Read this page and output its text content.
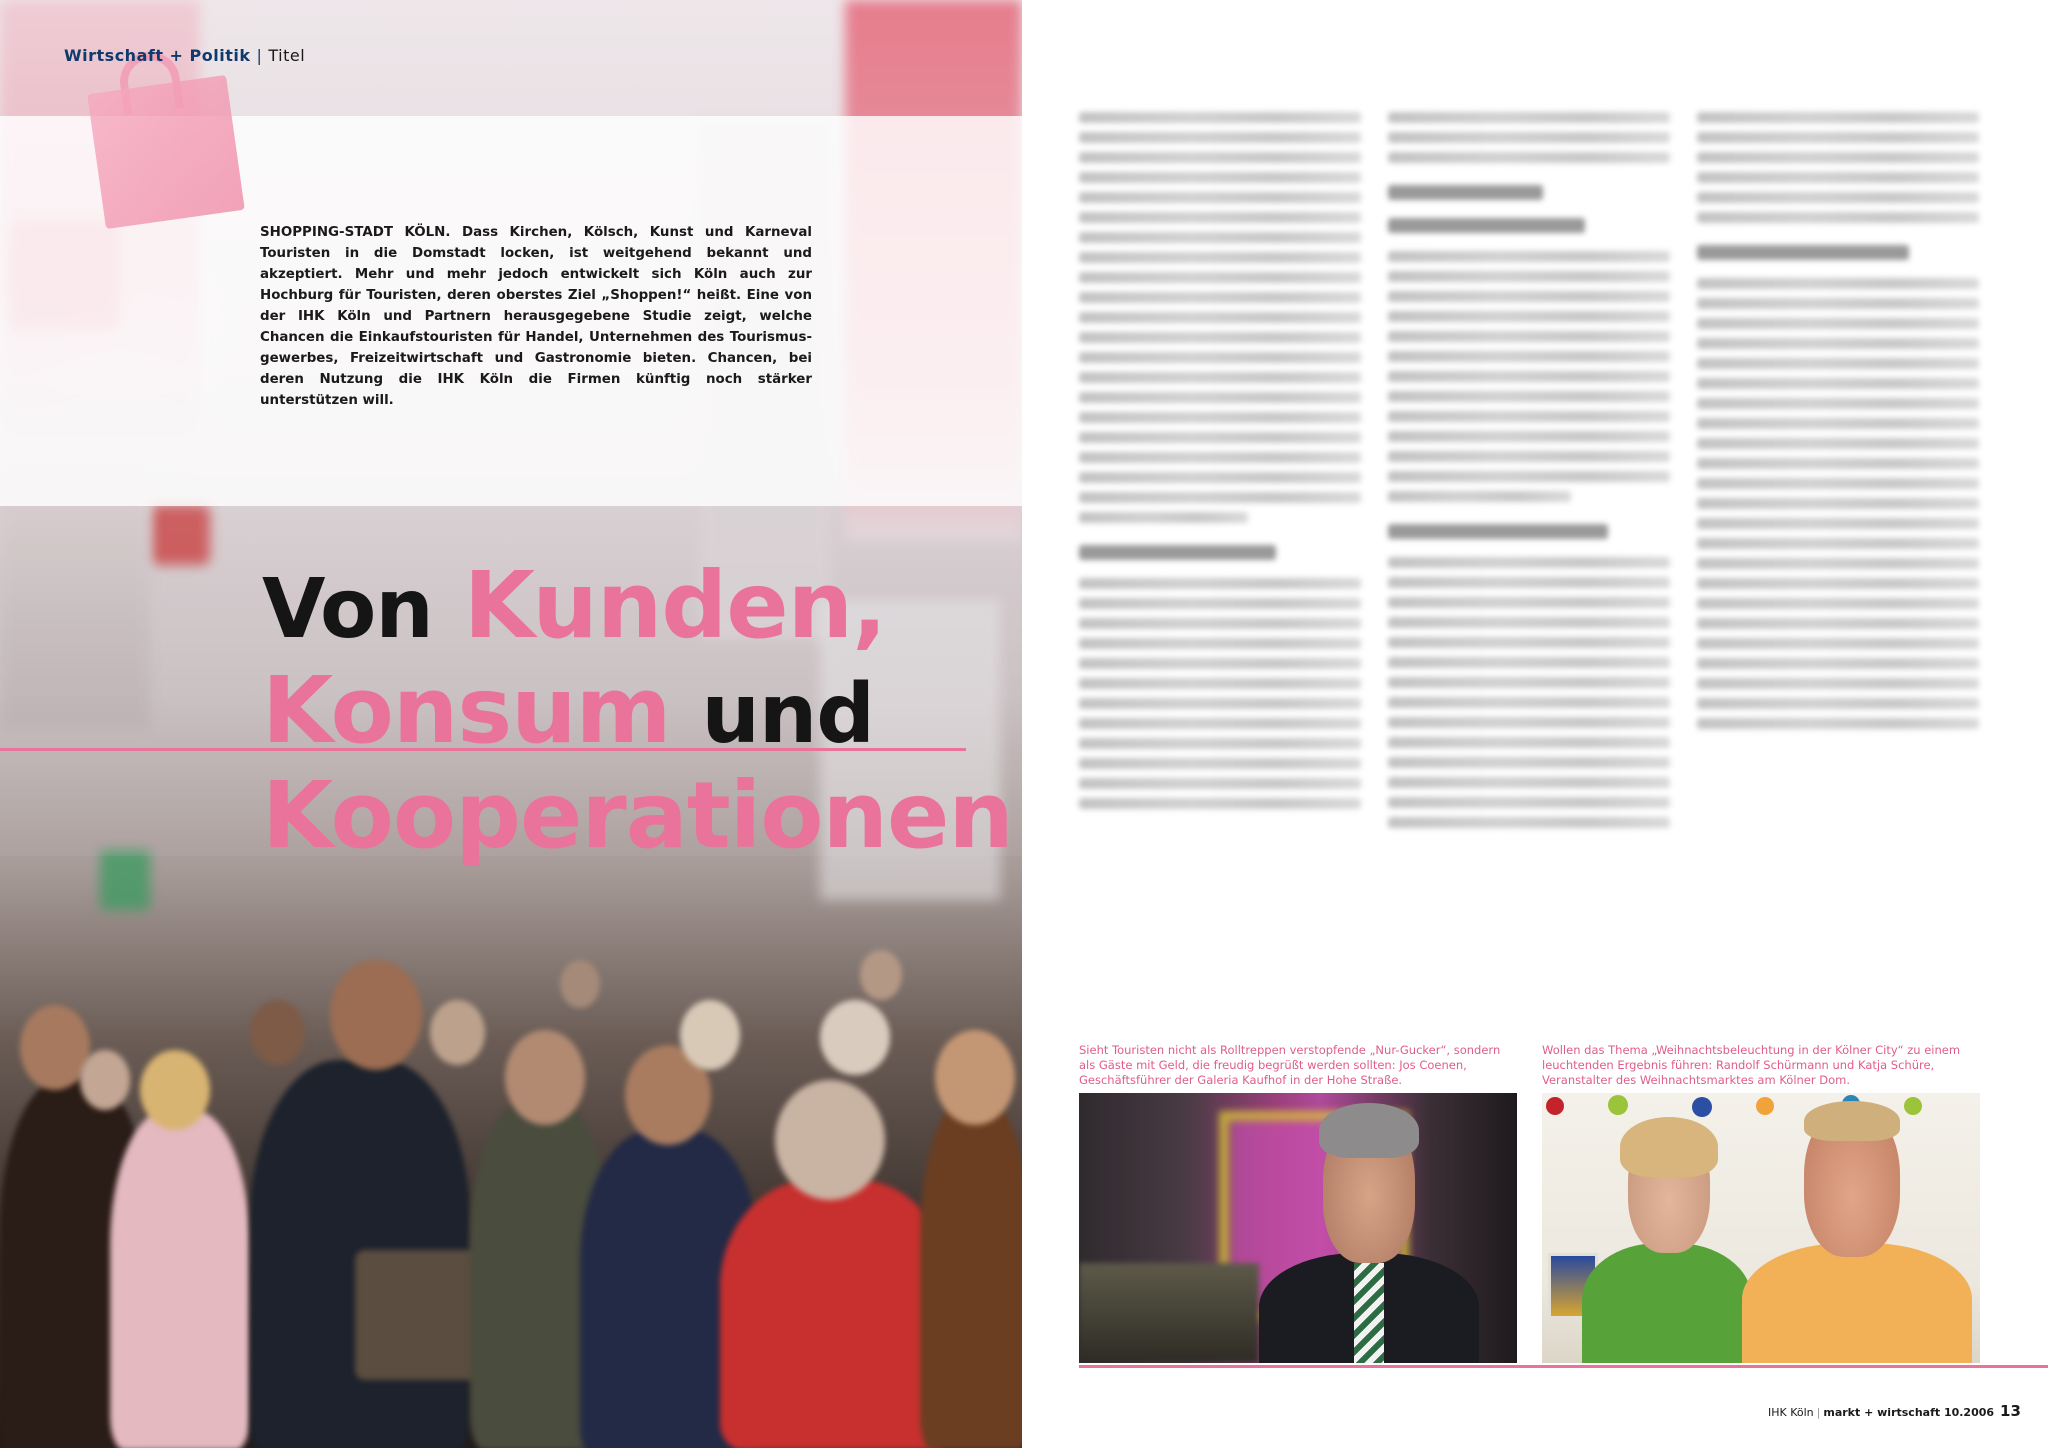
Wirtschaft + Politik | Titel

SHOPPING-STADT KÖLN. Dass Kirchen, Kölsch, Kunst und Karneval Touristen in die Domstadt locken, ist weitgehend bekannt und akzeptiert. Mehr und mehr jedoch entwickelt sich Köln auch zur Hochburg für Touristen, deren oberstes Ziel „Shoppen!“ heißt. Eine von der IHK Köln und Partnern herausgegebene Studie zeigt, welche Chancen die Einkaufstouristen für Handel, Unternehmen des Tourismusgewerbes, Freizeitwirtschaft und Gastronomie bieten. Chancen, bei deren Nutzung die IHK Köln die Firmen künftig noch stärker unterstützen will.

Von Kunden,
Konsum und
Kooperationen
Sieht Touristen nicht als Rolltreppen verstopfende „Nur-Gucker“, sondern als Gäste mit Geld, die freudig begrüßt werden sollten: Jos Coenen, Geschäftsführer der Galeria Kaufhof in der Hohe Straße.
Wollen das Thema „Weihnachtsbeleuchtung in der Kölner City“ zu einem leuchtenden Ergebnis führen: Randolf Schürmann und Katja Schüre, Veranstalter des Weihnachtsmarktes am Kölner Dom.
IHK Köln | markt + wirtschaft 10.2006 13
